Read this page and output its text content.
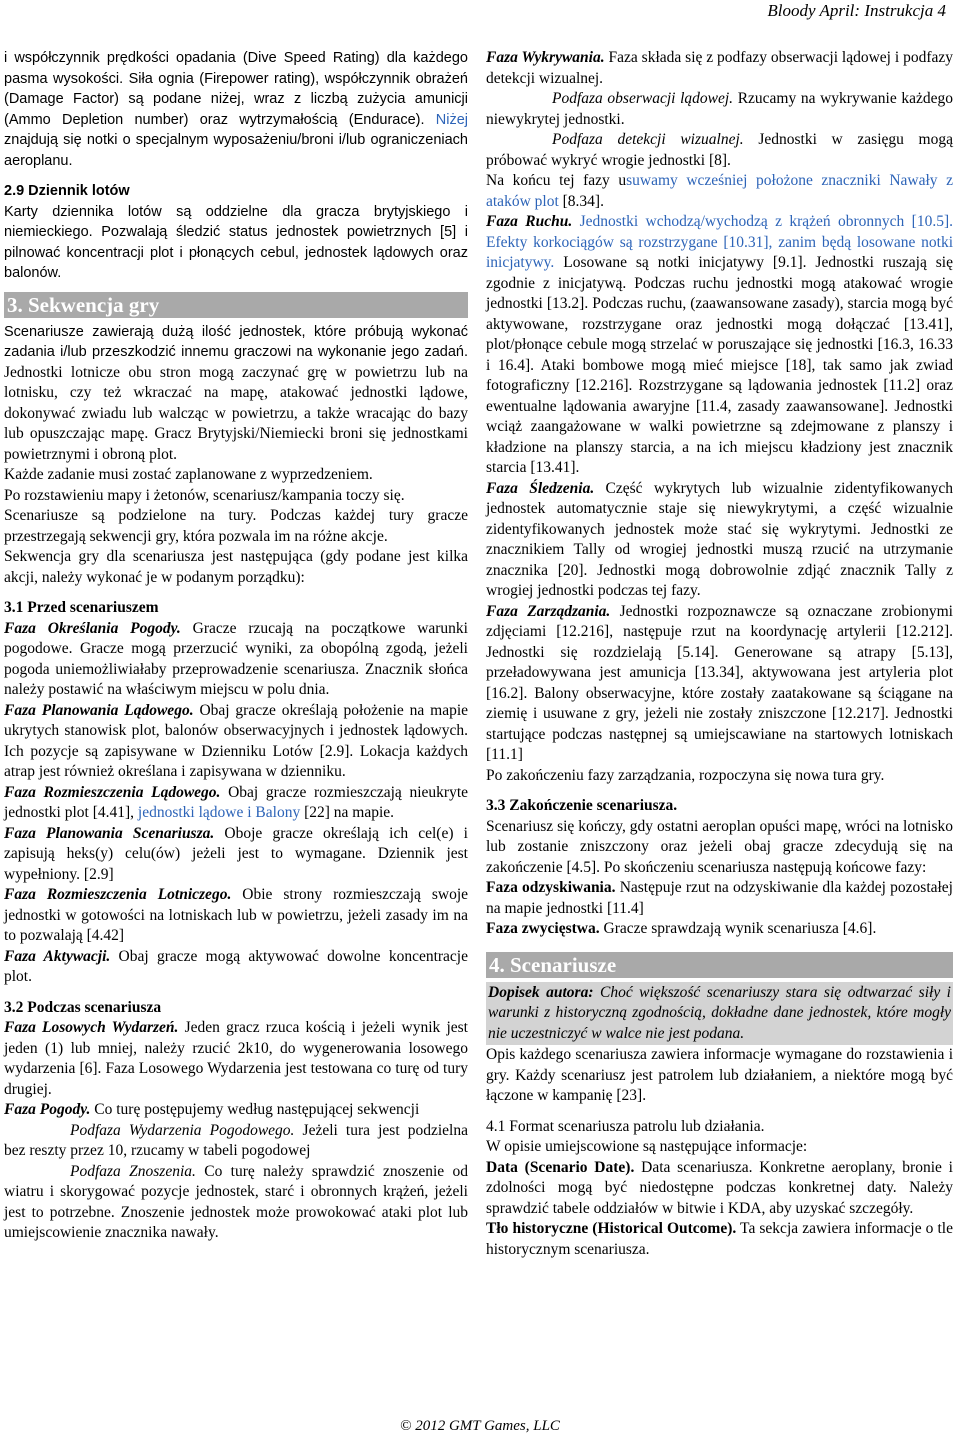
Bloody April: Instrukcja 4

i współczynnik prędkości opadania (Dive Speed Rating) dla każdego pasma wysokości. Siła ognia (Firepower rating), współczynnik obrażeń (Damage Factor) są podane niżej, wraz z liczbą zużycia amunicji (Ammo Depletion number) oraz wytrzymałością (Endurace). Niżej znajdują się notki o specjalnym wyposażeniu/broni i/lub ograniczeniach aeroplanu.

2.9 Dziennik lotów

Karty dziennika lotów są oddzielne dla gracza brytyjskiego i niemieckiego. Pozwalają śledzić status jednostek powietrznych [5] i pilnować koncentracji plot i płonących cebul, jednostek lądowych oraz balonów.

3. Sekwencja gry

Scenariusze zawierają dużą ilość jednostek, które próbują wykonać zadania i/lub przeszkodzić innemu graczowi na wykonanie jego zadań. Jednostki lotnicze obu stron mogą zaczynać grę w powietrzu lub na lotnisku, czy też wkraczać na mapę, atakować jednostki lądowe, dokonywać zwiadu lub walcząc w powietrzu, a także wracając do bazy lub opuszczając mapę. Gracz Brytyjski/Niemiecki broni się jednostkami powietrznymi i obroną plot.

Każde zadanie musi zostać zaplanowane z wyprzedzeniem.

Po rozstawieniu mapy i żetonów, scenariusz/kampania toczy się.

Scenariusze są podzielone na tury. Podczas każdej tury gracze przestrzegają sekwencji gry, która pozwala im na różne akcje.

Sekwencja gry dla scenariusza jest następująca (gdy podane jest kilka akcji, należy wykonać je w podanym porządku):

3.1 Przed scenariuszem

Faza Określania Pogody. Gracze rzucają na początkowe warunki pogodowe. Gracze mogą przerzucić wyniki, za obopólną zgodą, jeżeli pogoda uniemożliwiałaby przeprowadzenie scenariusza. Znacznik słońca należy postawić na właściwym miejscu w polu dnia.

Faza Planowania Lądowego. Obaj gracze określają położenie na mapie ukrytych stanowisk plot, balonów obserwacyjnych i jednostek lądowych. Ich pozycje są zapisywane w Dzienniku Lotów [2.9]. Lokacja każdych atrap jest również określana i zapisywana w dzienniku.

Faza Rozmieszczenia Lądowego. Obaj gracze rozmieszczają nieukryte jednostki plot [4.41], jednostki lądowe i Balony [22] na mapie.

Faza Planowania Scenariusza. Oboje gracze określają ich cel(e) i zapisują heks(y) celu(ów) jeżeli jest to wymagane. Dziennik jest wypełniony. [2.9]

Faza Rozmieszczenia Lotniczego. Obie strony rozmieszczają swoje jednostki w gotowości na lotniskach lub w powietrzu, jeżeli zasady im na to pozwalają [4.42]

Faza Aktywacji. Obaj gracze mogą aktywować dowolne koncentracje plot.

3.2 Podczas scenariusza

Faza Losowych Wydarzeń. Jeden gracz rzuca kością i jeżeli wynik jest jeden (1) lub mniej, należy rzucić 2k10, do wygenerowania losowego wydarzenia [6]. Faza Losowego Wydarzenia jest testowana co turę od tury drugiej.

Faza Pogody. Co turę postępujemy według następującej sekwencji

Podfaza Wydarzenia Pogodowego. Jeżeli tura jest podzielna bez reszty przez 10, rzucamy w tabeli pogodowej

Podfaza Znoszenia. Co turę należy sprawdzić znoszenie od wiatru i skorygować pozycje jednostek, starć i obronnych krążeń, jeżeli jest to potrzebne. Znoszenie jednostek może prowokować ataki plot lub umiejscowienie znacznika nawały.

Faza Wykrywania. Faza składa się z podfazy obserwacji lądowej i podfazy detekcji wizualnej.

Podfaza obserwacji lądowej. Rzucamy na wykrywanie każdego niewykrytej jednostki.

Podfaza detekcji wizualnej. Jednostki w zasięgu mogą próbować wykryć wrogie jednostki [8].

Na końcu tej fazy usuwamy wcześniej położone znaczniki Nawały z ataków plot [8.34].

Faza Ruchu. Jednostki wchodzą/wychodzą z krążeń obronnych [10.5]. Efekty korkociągów są rozstrzygane [10.31], zanim będą losowane notki inicjatywy. Losowane są notki inicjatywy [9.1]. Jednostki ruszają się zgodnie z inicjatywą. Podczas ruchu jednostki mogą atakować wrogie jednostki [13.2]. Podczas ruchu, (zaawansowane zasady), starcia mogą być aktywowane, rozstrzygane oraz jednostki mogą dołączać [13.41], plot/płonące cebule mogą strzelać w poruszające się jednostki [16.3, 16.33 i 16.4]. Ataki bombowe mogą mieć miejsce [18], tak samo jak zwiad fotograficzny [12.216]. Rozstrzygane są lądowania jednostek [11.2] oraz ewentualne lądowania awaryjne [11.4, zasady zaawansowane]. Jednostki wciąż zaangażowane w walki powietrzne są zdejmowane z planszy i kładzione na planszy starcia, a na ich miejscu kładziony jest znacznik starcia [13.41].

Faza Śledzenia. Część wykrytych lub wizualnie zidentyfikowanych jednostek automatycznie staje się niewykrytymi, a część wizualnie zidentyfikowanych jednostek może stać się wykrytymi. Jednostki ze znacznikiem Tally od wrogiej jednostki muszą rzucić na utrzymanie znacznika [20]. Jednostki mogą dobrowolnie zdjąć znacznik Tally z wrogiej jednostki podczas tej fazy.

Faza Zarządzania. Jednostki rozpoznawcze są oznaczane zrobionymi zdjęciami [12.216], następuje rzut na koordynację artylerii [12.212]. Jednostki się rozdzielają [5.14]. Generowane są atrapy [5.13], przeładowywana jest amunicja [13.34], aktywowana jest artyleria plot [16.2]. Balony obserwacyjne, które zostały zaatakowane są ściągane na ziemię i usuwane z gry, jeżeli nie zostały zniszczone [12.217]. Jednostki startujące podczas następnej są umiejscawiane na startowych lotniskach [11.1]

Po zakończeniu fazy zarządzania, rozpoczyna się nowa tura gry.

3.3 Zakończenie scenariusza.

Scenariusz się kończy, gdy ostatni aeroplan opuści mapę, wróci na lotnisko lub zostanie zniszczony oraz jeżeli obaj gracze zdecydują się na zakończenie [4.5]. Po skończeniu scenariusza następują końcowe fazy:

Faza odzyskiwania. Następuje rzut na odzyskiwanie dla każdej pozostałej na mapie jednostki [11.4]

Faza zwycięstwa. Gracze sprawdzają wynik scenariusza [4.6].

4. Scenariusze

Dopisek autora: Choć większość scenariuszy stara się odtwarzać siły i warunki z historyczną zgodnością, dokładne dane jednostek, które mogły nie uczestniczyć w walce nie jest podana.

Opis każdego scenariusza zawiera informacje wymagane do rozstawienia i gry. Każdy scenariusz jest patrolem lub działaniem, a niektóre mogą być łączone w kampanię [23].

4.1 Format scenariusza patrolu lub działania.

W opisie umiejscowione są następujące informacje:

Data (Scenario Date). Data scenariusza. Konkretne aeroplany, bronie i zdolności mogą być niedostępne podczas konkretnej daty. Należy sprawdzić tabele oddziałów w bitwie i KDA, aby uzyskać szczegóły.

Tło historyczne (Historical Outcome). Ta sekcja zawiera informacje o tle historycznym scenariusza.

© 2012 GMT Games, LLC
